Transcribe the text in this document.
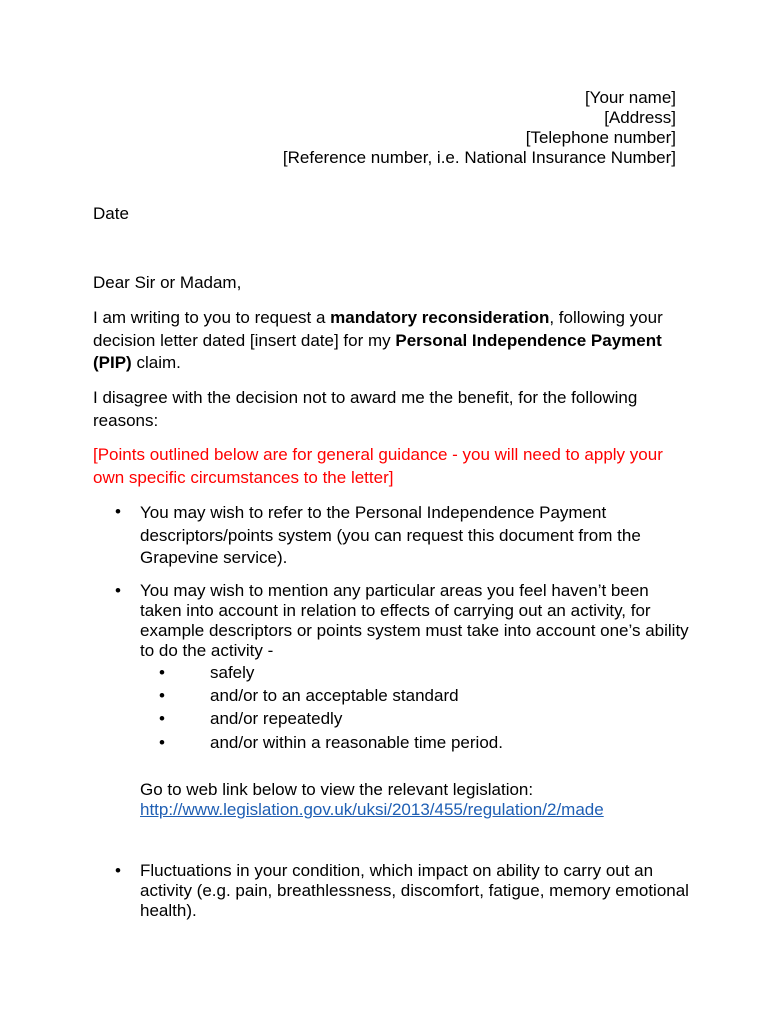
[Your name]
[Address]
[Telephone number]
[Reference number, i.e. National Insurance Number]
Date
Dear Sir or Madam,
I am writing to you to request a mandatory reconsideration, following your decision letter dated [insert date] for my Personal Independence Payment (PIP) claim.
I disagree with the decision not to award me the benefit, for the following reasons:
[Points outlined below are for general guidance - you will need to apply your own specific circumstances to the letter]
• You may wish to refer to the Personal Independence Payment descriptors/points system (you can request this document from the Grapevine service).
• You may wish to mention any particular areas you feel haven’t been taken into account in relation to effects of carrying out an activity, for example descriptors or points system must take into account one’s ability to do the activity -
•	safely
•	and/or to an acceptable standard
•	and/or repeatedly
•	and/or within a reasonable time period.
Go to web link below to view the relevant legislation:
http://www.legislation.gov.uk/uksi/2013/455/regulation/2/made
• Fluctuations in your condition, which impact on ability to carry out an activity (e.g. pain, breathlessness, discomfort, fatigue, memory emotional health).
